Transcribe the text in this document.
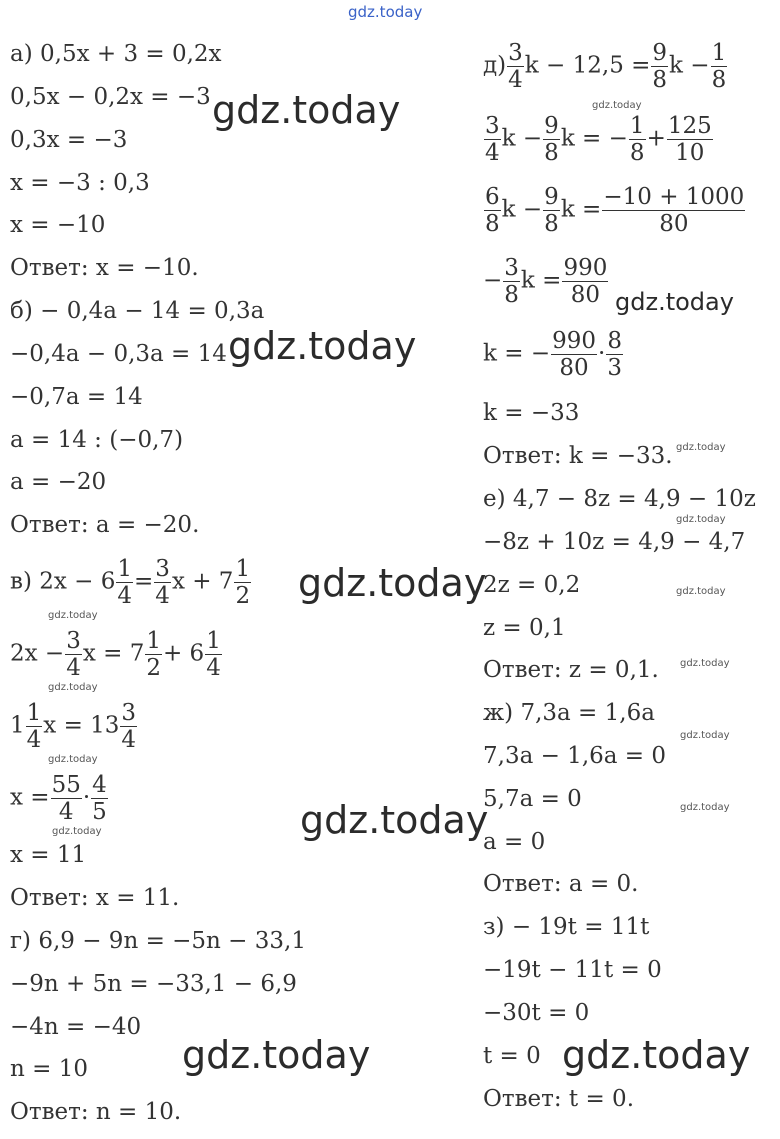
gdz.today
gdz.today
gdz.today
gdz.today
gdz.today
gdz.today	gdz.today
gdz.today
gdz.today
gdz.today
gdz.today
gdz.today
gdz.today
gdz.today
gdz.today
gdz.today
gdz.today
gdz.today
gdz.today
а) 0,5x + 3 = 0,2x
0,5x − 0,2x = −3
0,3x = −3
x = −3 : 0,3
x = −10
Ответ: x = −10.
б) − 0,4a − 14 = 0,3a
−0,4a − 0,3a = 14
−0,7a = 14
a = 14 : (−0,7)
a = −20
Ответ: a = −20.
в) $2x - 6 \frac{1}{4} = \frac{3}{4}$ $x + 7 \frac{1}{2}$
$2x - \frac{3}{4}$ $x = 7 \frac{1}{2} + 6 \frac{1}{4}$
$1 \frac{1}{4}$ $x = 13 \frac{3}{4}$
$x = \frac{55}{4} \cdot \frac{4}{5}$
x = 11
Ответ: x = 11.
г) 6,9 − 9n = −5n − 33,1
−9n + 5n = −33,1 − 6,9
−4n = −40
n = 10
Ответ: n = 10.
$д) \frac{3}{4}$ $k - 12,5 = \frac{9}{8}$ $k - \frac{1}{8}$
$\frac{3}{4}$ $k - \frac{9}{8}$ k = − $\frac{1}{8} + \frac{125}{10}$
$\frac{6}{8}$ $k - \frac{9}{8}$ $k = \frac{-10 + 1000}{80}$
− $\frac{3}{8}$ $k = \frac{990}{80}$
k = − $\frac{990}{80} \cdot \frac{8}{3}$
k = −33
Ответ: k = −33.
е) 4,7 − 8z = 4,9 − 10z
−8z + 10z = 4,9 − 4,7
2z = 0,2
z = 0,1
Ответ: z = 0,1.
ж) 7,3a = 1,6a
7,3a − 1,6a = 0
5,7a = 0
a = 0
Ответ: a = 0.
з) − 19t = 11t
−19t − 11t = 0
−30t = 0
t = 0
Ответ: t = 0.
